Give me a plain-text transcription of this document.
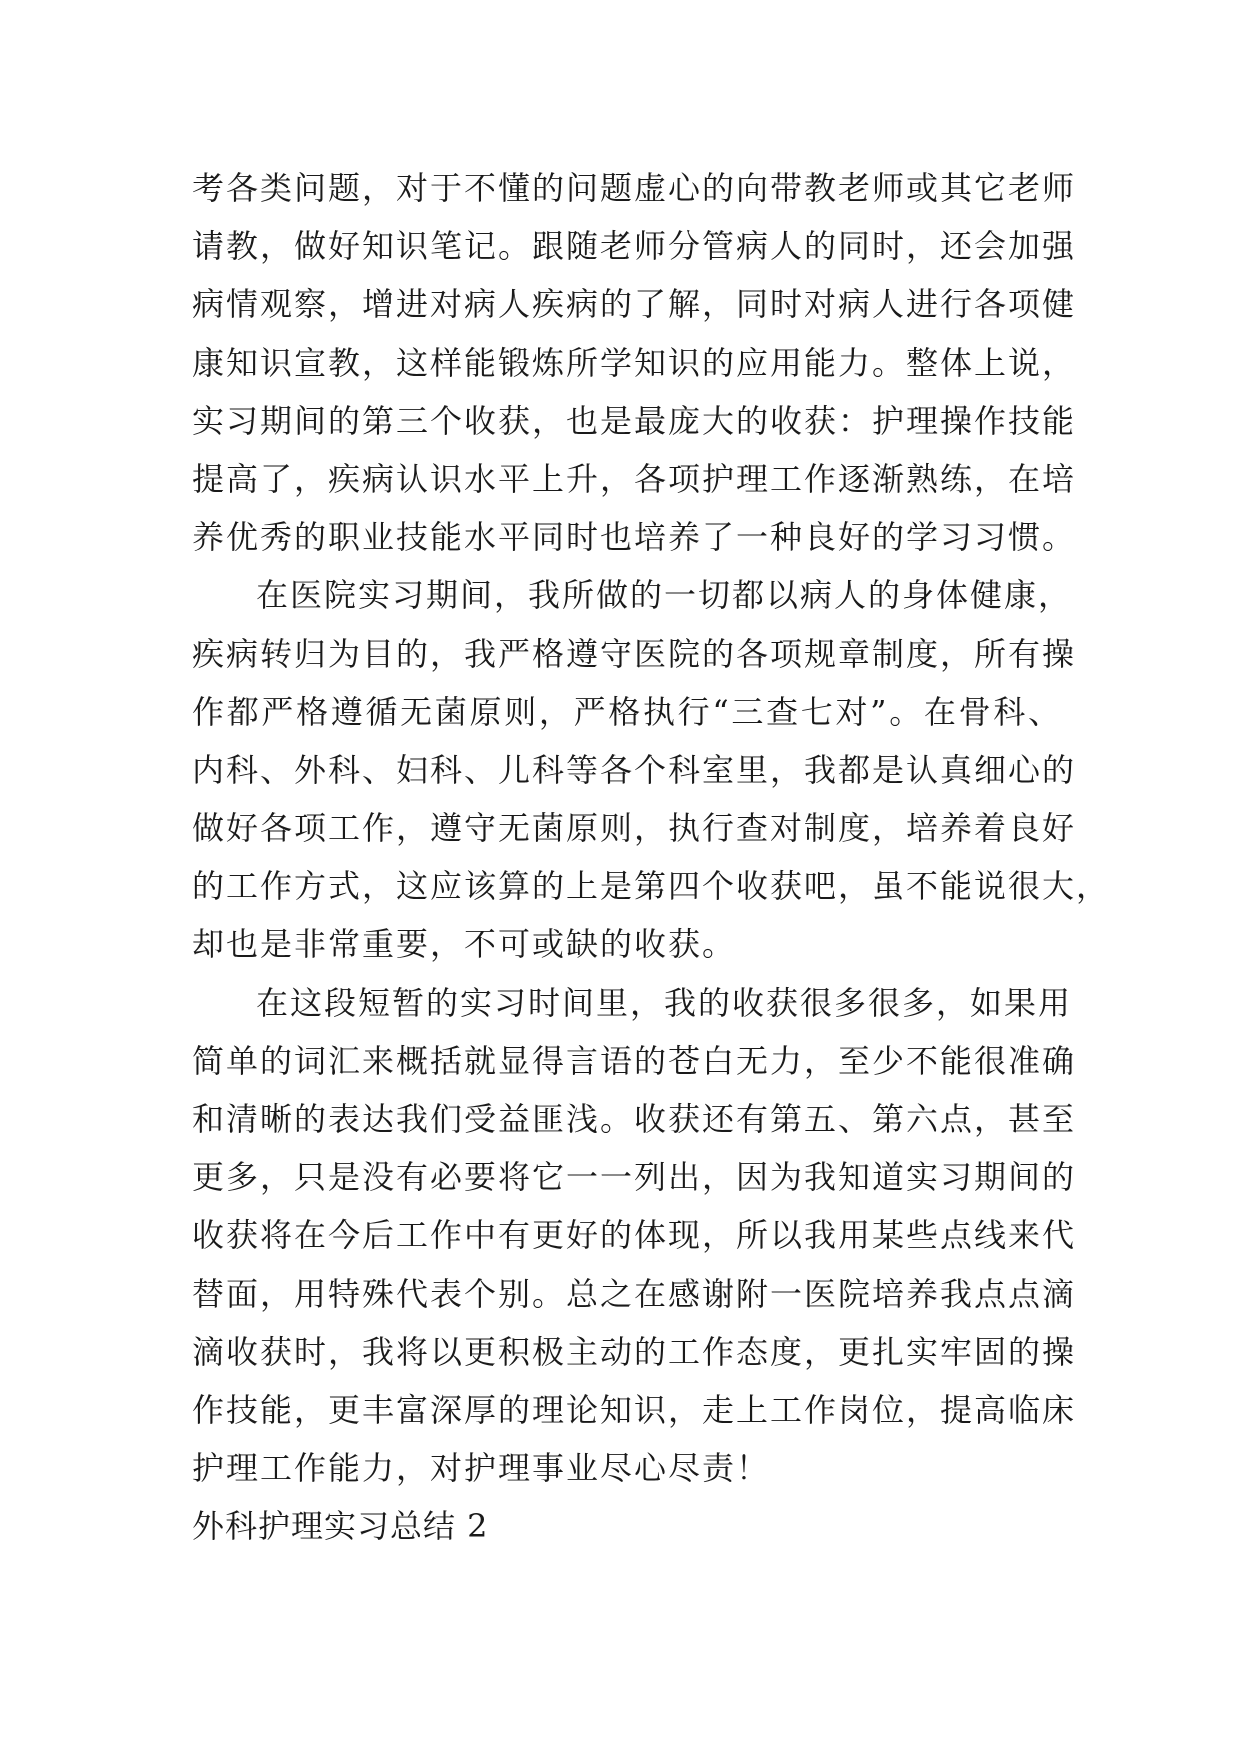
考各类问题，对于不懂的问题虚心的向带教老师或其它老师
请教，做好知识笔记。跟随老师分管病人的同时，还会加强
病情观察，增进对病人疾病的了解，同时对病人进行各项健
康知识宣教，这样能锻炼所学知识的应用能力。整体上说，
实习期间的第三个收获，也是最庞大的收获：护理操作技能
提高了，疾病认识水平上升，各项护理工作逐渐熟练，在培
养优秀的职业技能水平同时也培养了一种良好的学习习惯。
在医院实习期间，我所做的一切都以病人的身体健康，
疾病转归为目的，我严格遵守医院的各项规章制度，所有操
作都严格遵循无菌原则，严格执行“三查七对”。在骨科、
内科、外科、妇科、儿科等各个科室里，我都是认真细心的
做好各项工作，遵守无菌原则，执行查对制度，培养着良好
的工作方式，这应该算的上是第四个收获吧，虽不能说很大，
却也是非常重要，不可或缺的收获。
在这段短暂的实习时间里，我的收获很多很多，如果用
简单的词汇来概括就显得言语的苍白无力，至少不能很准确
和清晰的表达我们受益匪浅。收获还有第五、第六点，甚至
更多，只是没有必要将它一一列出，因为我知道实习期间的
收获将在今后工作中有更好的体现，所以我用某些点线来代
替面，用特殊代表个别。总之在感谢附一医院培养我点点滴
滴收获时，我将以更积极主动的工作态度，更扎实牢固的操
作技能，更丰富深厚的理论知识，走上工作岗位，提高临床
护理工作能力，对护理事业尽心尽责！
外科护理实习总结 2
